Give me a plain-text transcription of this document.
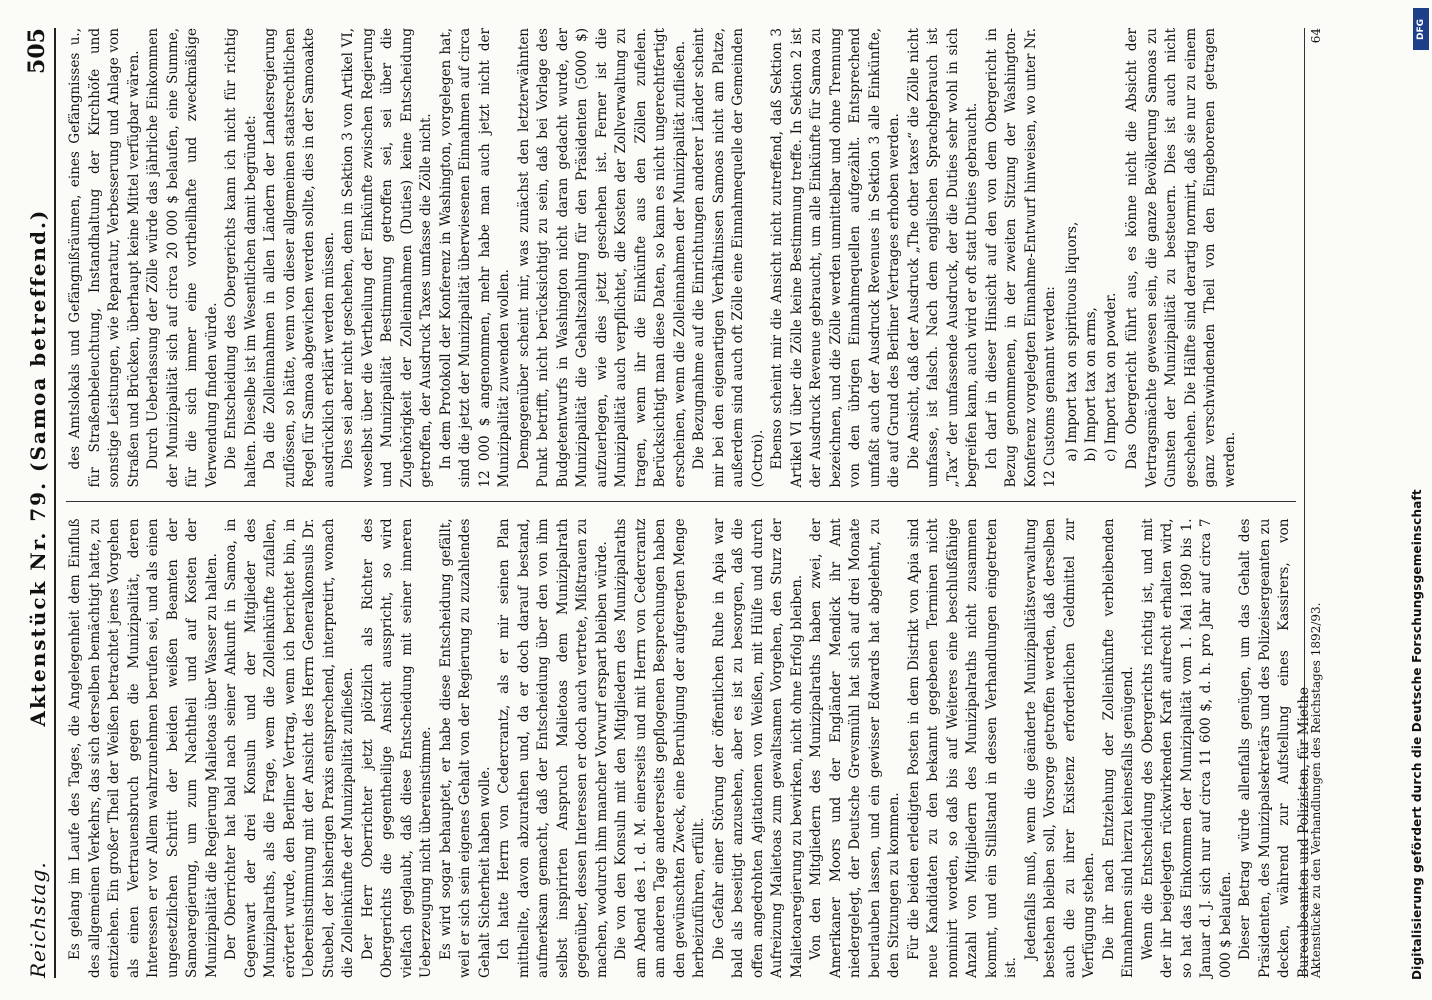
Reichstag.
Aktenstück Nr. 79. (Samoa betreffend.)
505

Es gelang im Laufe des Tages, die Angelegenheit dem Einfluß des allgemeinen Verkehrs, das sich derselben bemächtigt hatte, zu entziehen. Ein großer Theil der Weißen betrachtet jenes Vorgehen als einen Vertrauensbruch gegen die Munizipalität, deren Interessen er vor Allem wahrzunehmen berufen sei, und als einen ungesetzlichen Schritt der beiden weißen Beamten der Samoaregierung, um zum Nachtheil und auf Kosten der Munizipalität die Regierung Malietoas über Wasser zu halten. Der Oberrichter hat bald nach seiner Ankunft in Samoa, in Gegenwart der drei Konsuln und der Mitglieder des Munizipalraths, als die Frage, wem die Zolleinkünfte zufallen, erörtert wurde, den Berliner Vertrag, wenn ich berichtet bin, in Uebereinstimmung mit der Ansicht des Herrn Generalkonsuls Dr. Stuebel, der bisherigen Praxis entsprechend, interpretirt, wonach die Zolleinkünfte der Munizipalität zufließen. Der Herr Oberrichter jetzt plötzlich als Richter des Obergerichts die gegentheilige Ansicht ausspricht, so wird vielfach geglaubt, daß diese Entscheidung mit seiner inneren Ueberzeugung nicht übereinstimme. Es wird sogar behauptet, er habe diese Entscheidung gefällt, weil er sich sein eigenes Gehalt von der Regierung zu zuzahlendes Gehalt Sicherheit haben wolle. Ich hatte Herrn von Cedercrantz, als er mir seinen Plan mittheilte, davon abzurathen und, da er doch darauf bestand, aufmerksam gemacht, daß der Entscheidung über den von ihm selbst inspirirten Anspruch Malietoas dem Munizipalrath gegenüber, dessen Interessen er doch auch vertrete, Mißtrauen zu machen, wodurch ihm mancher Vorwurf erspart bleiben würde. Die von den Konsuln mit den Mitgliedern des Munizipalraths am Abend des 1. d. M. einerseits und mit Herrn von Cedercrantz am anderen Tage andererseits gepflogenen Besprechungen haben den gewünschten Zweck, eine Beruhigung der aufgeregten Menge herbeizuführen, erfüllt. Die Gefahr einer Störung der öffentlichen Ruhe in Apia war bald als beseitigt anzusehen, aber es ist zu besorgen, daß die offen angedrohten Agitationen von Weißen, mit Hülfe und durch Aufreizung Malietoas zum gewaltsamen Vorgehen, den Sturz der Malietoaregierung zu bewirken, nicht ohne Erfolg bleiben. Von den Mitgliedern des Munizipalraths haben zwei, der Amerikaner Moors und der Engländer Mendick ihr Amt niedergelegt, der Deutsche Grevsmühl hat sich auf drei Monate beurlauben lassen, und ein gewisser Edwards hat abgelehnt, zu den Sitzungen zu kommen. Für die beiden erledigten Posten in dem Distrikt von Apia sind neue Kandidaten zu den bekannt gegebenen Terminen nicht nominirt worden, so daß bis auf Weiteres eine beschlußfähige Anzahl von Mitgliedern des Munizipalraths nicht zusammen kommt, und ein Stillstand in dessen Verhandlungen eingetreten ist.

Jedenfalls muß, wenn die geänderte Munizipalitätsverwaltung bestehen bleiben soll, Vorsorge getroffen werden, daß derselben auch die zu ihrer Existenz erforderlichen Geldmittel zur Verfügung stehen. Die ihr nach Entziehung der Zolleinkünfte verbleibenden Einnahmen sind hierzu keinesfalls genügend. Wenn die Entscheidung des Obergerichts richtig ist, und mit der ihr beigelegten rückwirkenden Kraft aufrecht erhalten wird, so hat das Einkommen der Munizipalität vom 1. Mai 1890 bis 1. Januar d. J. sich nur auf circa 11 600 $, d. h. pro Jahr auf circa 7 000 $ belaufen. Dieser Betrag würde allenfalls genügen, um das Gehalt des Präsidenten, des Munizipalsekretärs und des Polizeisergeanten zu decken, während zur Aufstellung eines Kassirers, von Bureaubeamten und Polizisten, für Miethe

des Amtslokals und Gefängnißräumen, eines Gefängnisses u., für Straßenbeleuchtung, Instandhaltung der Kirchhöfe und sonstige Leistungen, wie Reparatur, Verbesserung und Anlage von Straßen und Brücken, überhaupt keine Mittel verfügbar wären. Durch Ueberlassung der Zölle würde das jährliche Einkommen der Munizipalität sich auf circa 20 000 $ belaufen, eine Summe, für die sich immer eine vortheilhafte und zweckmäßige Verwendung finden würde. Die Entscheidung des Obergerichts kann ich nicht für richtig halten. Dieselbe ist im Wesentlichen damit begründet: Da die Zolleinnahmen in allen Ländern der Landesregierung zuflössen, so hätte, wenn von dieser allgemeinen staatsrechtlichen Regel für Samoa abgewichen werden sollte, dies in der Samoaakte ausdrücklich erklärt werden müssen. Dies sei aber nicht geschehen, denn in Sektion 3 von Artikel VI, woselbst über die Vertheilung der Einkünfte zwischen Regierung und Munizipalität Bestimmung getroffen sei, sei über die Zugehörigkeit der Zolleinnahmen (Duties) keine Entscheidung getroffen, der Ausdruck Taxes umfasse die Zölle nicht. In dem Protokoll der Konferenz in Washington, vorgelegen hat, sind die jetzt der Munizipalität überwiesenen Einnahmen auf circa 12 000 $ angenommen, mehr habe man auch jetzt nicht der Munizipalität zuwenden wollen. Demgegenüber scheint mir, was zunächst den letzterwähnten Punkt betrifft, nicht berücksichtigt zu sein, daß bei Vorlage des Budgetentwurfs in Washington nicht daran gedacht wurde, der Munizipalität die Gehaltszahlung für den Präsidenten (5000 $) aufzuerlegen, wie dies jetzt geschehen ist. Ferner ist die Munizipalität auch verpflichtet, die Kosten der Zollverwaltung zu tragen, wenn ihr die Einkünfte aus den Zöllen zufielen. Berücksichtigt man diese Daten, so kann es nicht ungerechtfertigt erscheinen, wenn die Zolleinnahmen der Munizipalität zufließen. Die Bezugnahme auf die Einrichtungen anderer Länder scheint mir bei den eigenartigen Verhältnissen Samoas nicht am Platze, außerdem sind auch oft Zölle eine Einnahmequelle der Gemeinden (Octroi). Ebenso scheint mir die Ansicht nicht zutreffend, daß Sektion 3 Artikel VI über die Zölle keine Bestimmung treffe. In Sektion 2 ist der Ausdruck Revenue gebraucht, um alle Einkünfte für Samoa zu bezeichnen, und die Zölle werden unmittelbar und ohne Trennung von den übrigen Einnahmequellen aufgezählt. Entsprechend umfaßt auch der Ausdruck Revenues in Sektion 3 alle Einkünfte, die auf Grund des Berliner Vertrages erhoben werden. Die Ansicht, daß der Ausdruck „The other taxes“ die Zölle nicht umfasse, ist falsch. Nach dem englischen Sprachgebrauch ist „Tax“ der umfassende Ausdruck, der die Duties sehr wohl in sich begreifen kann, auch wird er oft statt Duties gebraucht. Ich darf in dieser Hinsicht auf den von dem Obergericht in Bezug genommenen, in der zweiten Sitzung der Washington-Konferenz vorgelegten Einnahme-Entwurf hinweisen, wo unter Nr. 12 Customs genannt werden: a) Import tax on spirituous liquors, b) Import tax on arms, c) Import tax on powder. Das Obergericht führt aus, es könne nicht die Absicht der Vertragsmächte gewesen sein, die ganze Bevölkerung Samoas zu Gunsten der Munizipalität zu besteuern. Dies ist auch nicht geschehen. Die Hälfte sind derartig normirt, daß sie nur zu einem ganz verschwindenden Theil von den Eingeborenen getragen werden.

Aktenstücke zu den Verhandlungen des Reichstages 1892/93.
64
Digitalisierung gefördert durch die Deutsche Forschungsgemeinschaft
DFG
